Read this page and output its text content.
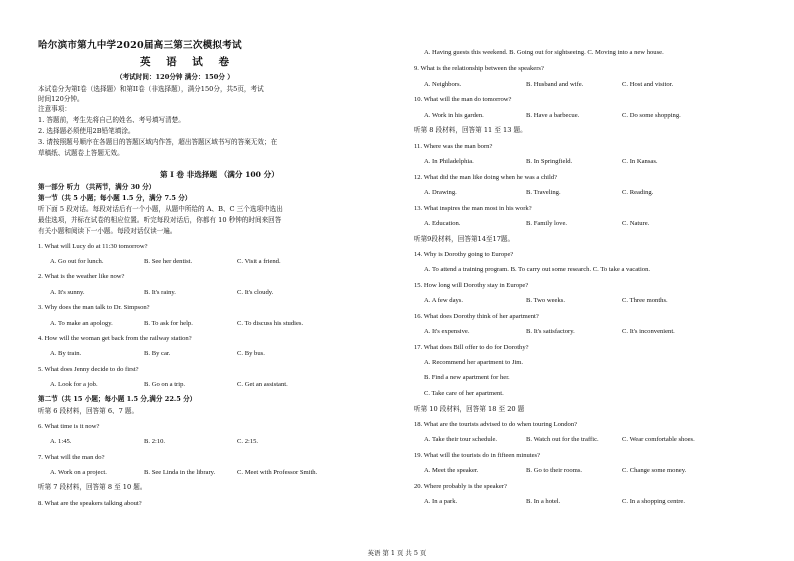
哈尔滨市第九中学2020届高三第三次模拟考试
英 语 试 卷
（考试时间：120分钟 满分：150分 ）
本试卷分为第I卷（选择题）和第II卷（非选择题），满分150分，共5页，考试
时间120分钟。
注意事项：
1. 答题前，考生先将自己的姓名、考号填写清楚。
2. 选择题必须使用2B铅笔填涂。
3. 请按照题号顺序在各题目的答题区域内作答，超出答题区域书写的答案无效；在
草稿纸、试题卷上答题无效。
第 I 卷 非选择题 （满分 100 分）
第一部分 听力 （共两节，满分 30 分）
第一节（共 5 小题；每小题 1.5 分，满分 7.5 分）
听下面 5 段对话。每段对话后有一个小题，从题中所给的 A、B、C 三个选项中选出
最佳选项，并标在试卷的相应位置。听完每段对话后，你都有 10 秒钟的时间来回答
有关小题和阅读下一小题。每段对话仅读一遍。
1. What will Lucy do at 11:30 tomorrow?
A. Go out for lunch.	B. See her dentist.	C. Visit a friend.
2. What is the weather like now?
A. It's sunny.	B. It's rainy.	C. It's cloudy.
3. Why does the man talk to Dr. Simpson?
A. To make an apology.	B. To ask for help.	C. To discuss his studies.
4. How will the woman get back from the railway station?
A. By train.	B. By car.	C. By bus.
5. What does Jenny decide to do first?
A. Look for a job.	B. Go on a trip.	C. Get an assistant.
第二节（共 15 小题；每小题 1.5 分,满分 22.5 分）
听第 6 段材料，回答第 6、7 题。
6. What time is it now?
A. 1:45.	B. 2:10.	C. 2:15.
7. What will the man do?
A. Work on a project.	B. See Linda in the library.	C. Meet with Professor Smith.
听第 7 段材料，回答第 8 至 10 题。
8. What are the speakers talking about?
A. Having guests this weekend. B. Going out for sightseeing. C. Moving into a new house.
9. What is the relationship between the speakers?
A. Neighbors.	B. Husband and wife.	C. Host and visitor.
10. What will the man do tomorrow?
A. Work in his garden.	B. Have a barbecue.	C. Do some shopping.
听第 8 段材料，回答第 11 至 13 题。
11. Where was the man born?
A. In Philadelphia.	B. In Springfield.	C. In Kansas.
12. What did the man like doing when he was a child?
A. Drawing.	B. Traveling.	C. Reading.
13. What inspires the man most in his work?
A. Education.	B. Family love.	C. Nature.
听第9段材料，回答第14至17题。
14. Why is Dorothy going to Europe?
A. To attend a training program. B. To carry out some research. C. To take a vacation.
15. How long will Dorothy stay in Europe?
A. A few days.	B. Two weeks.	C. Three months.
16. What does Dorothy think of her apartment?
A. It's expensive.	B. It's satisfactory.	C. It's inconvenient.
17. What does Bill offer to do for Dorothy?
A. Recommend her apartment to Jim.
B. Find a new apartment for her.
C. Take care of her apartment.
听第 10 段材料，回答第 18 至 20 题
18. What are the tourists advised to do when touring London?
A. Take their tour schedule.	B. Watch out for the traffic.	C. Wear comfortable shoes.
19. What will the tourists do in fifteen minutes?
A. Meet the speaker.	B. Go to their rooms.	C. Change some money.
20. Where probably is the speaker?
A. In a park.	B. In a hotel.	C. In a shopping centre.
英语 第 1 页 共 5 页
